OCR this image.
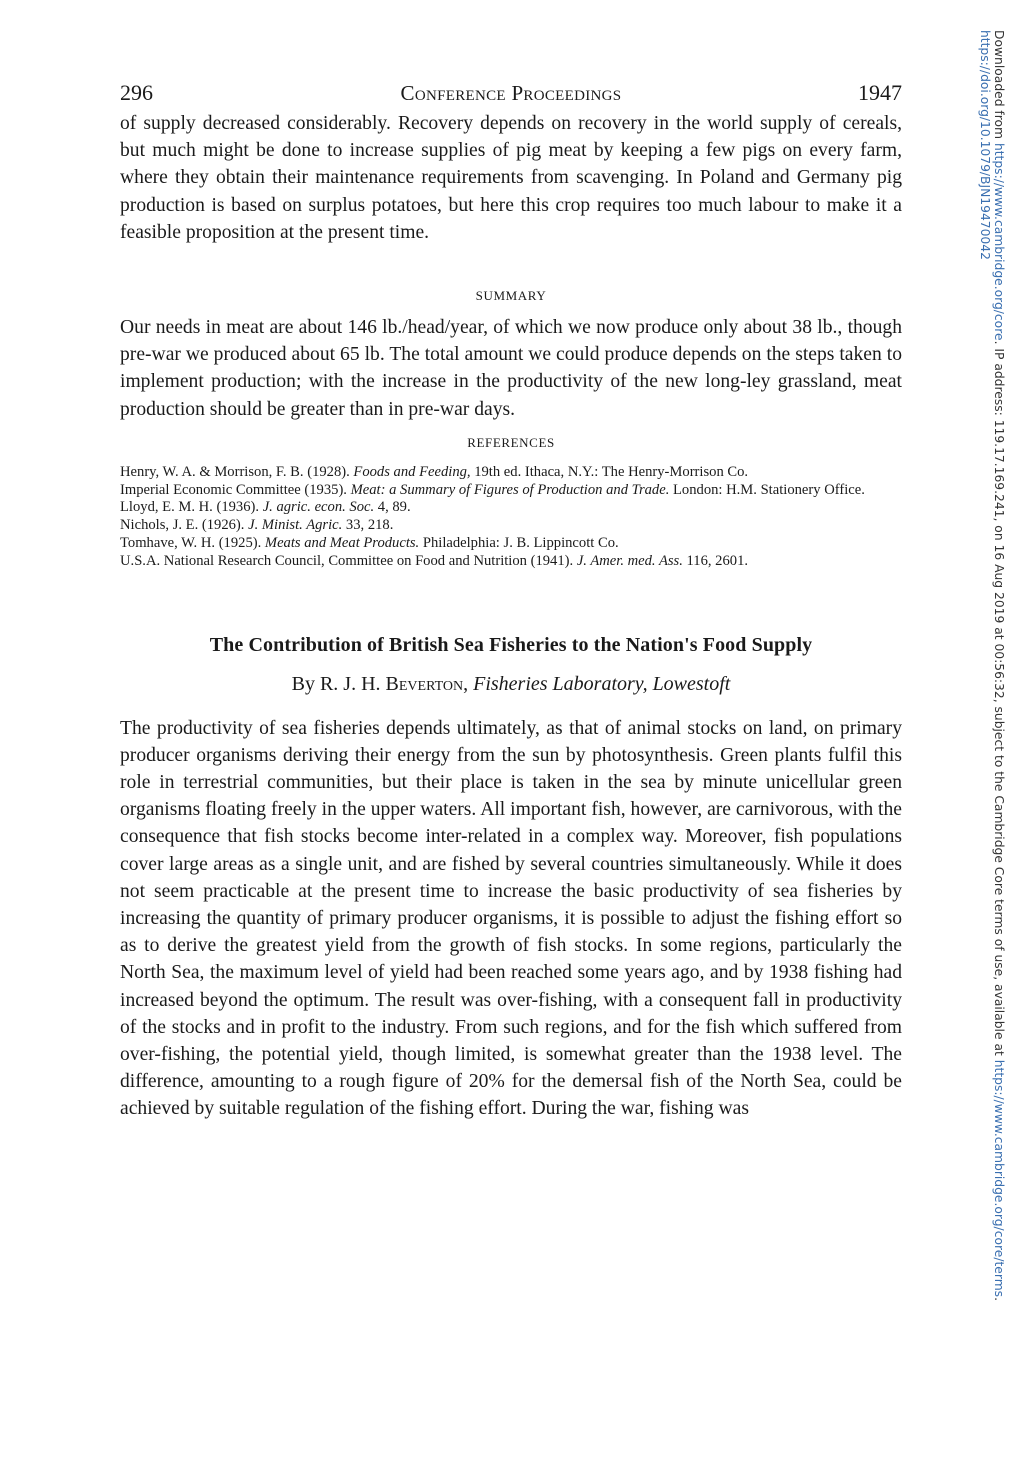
296	Conference Proceedings	1947

of supply decreased considerably. Recovery depends on recovery in the world supply of cereals, but much might be done to increase supplies of pig meat by keeping a few pigs on every farm, where they obtain their maintenance requirements from scavenging. In Poland and Germany pig production is based on surplus potatoes, but here this crop requires too much labour to make it a feasible proposition at the present time.

SUMMARY

Our needs in meat are about 146 lb./head/year, of which we now produce only about 38 lb., though pre-war we produced about 65 lb. The total amount we could produce depends on the steps taken to implement production; with the increase in the productivity of the new long-ley grassland, meat production should be greater than in pre-war days.

REFERENCES
Henry, W. A. & Morrison, F. B. (1928). Foods and Feeding, 19th ed. Ithaca, N.Y.: The Henry-Morrison Co.
Imperial Economic Committee (1935). Meat: a Summary of Figures of Production and Trade. London: H.M. Stationery Office.
Lloyd, E. M. H. (1936). J. agric. econ. Soc. 4, 89.
Nichols, J. E. (1926). J. Minist. Agric. 33, 218.
Tomhave, W. H. (1925). Meats and Meat Products. Philadelphia: J. B. Lippincott Co.
U.S.A. National Research Council, Committee on Food and Nutrition (1941). J. Amer. med. Ass. 116, 2601.
The Contribution of British Sea Fisheries to the Nation's Food Supply
By R. J. H. Beverton, Fisheries Laboratory, Lowestoft

The productivity of sea fisheries depends ultimately, as that of animal stocks on land, on primary producer organisms deriving their energy from the sun by photosynthesis. Green plants fulfil this role in terrestrial communities, but their place is taken in the sea by minute unicellular green organisms floating freely in the upper waters. All important fish, however, are carnivorous, with the consequence that fish stocks become inter-related in a complex way. Moreover, fish populations cover large areas as a single unit, and are fished by several countries simultaneously. While it does not seem practicable at the present time to increase the basic productivity of sea fisheries by increasing the quantity of primary producer organisms, it is possible to adjust the fishing effort so as to derive the greatest yield from the growth of fish stocks. In some regions, particularly the North Sea, the maximum level of yield had been reached some years ago, and by 1938 fishing had increased beyond the optimum. The result was over-fishing, with a consequent fall in productivity of the stocks and in profit to the industry. From such regions, and for the fish which suffered from over-fishing, the potential yield, though limited, is somewhat greater than the 1938 level. The difference, amounting to a rough figure of 20% for the demersal fish of the North Sea, could be achieved by suitable regulation of the fishing effort. During the war, fishing was

Downloaded from https://www.cambridge.org/core. IP address: 119.17.169.241, on 16 Aug 2019 at 00:56:32, subject to the Cambridge Core terms of use, available at https://www.cambridge.org/core/terms.
https://doi.org/10.1079/BJN19470042
